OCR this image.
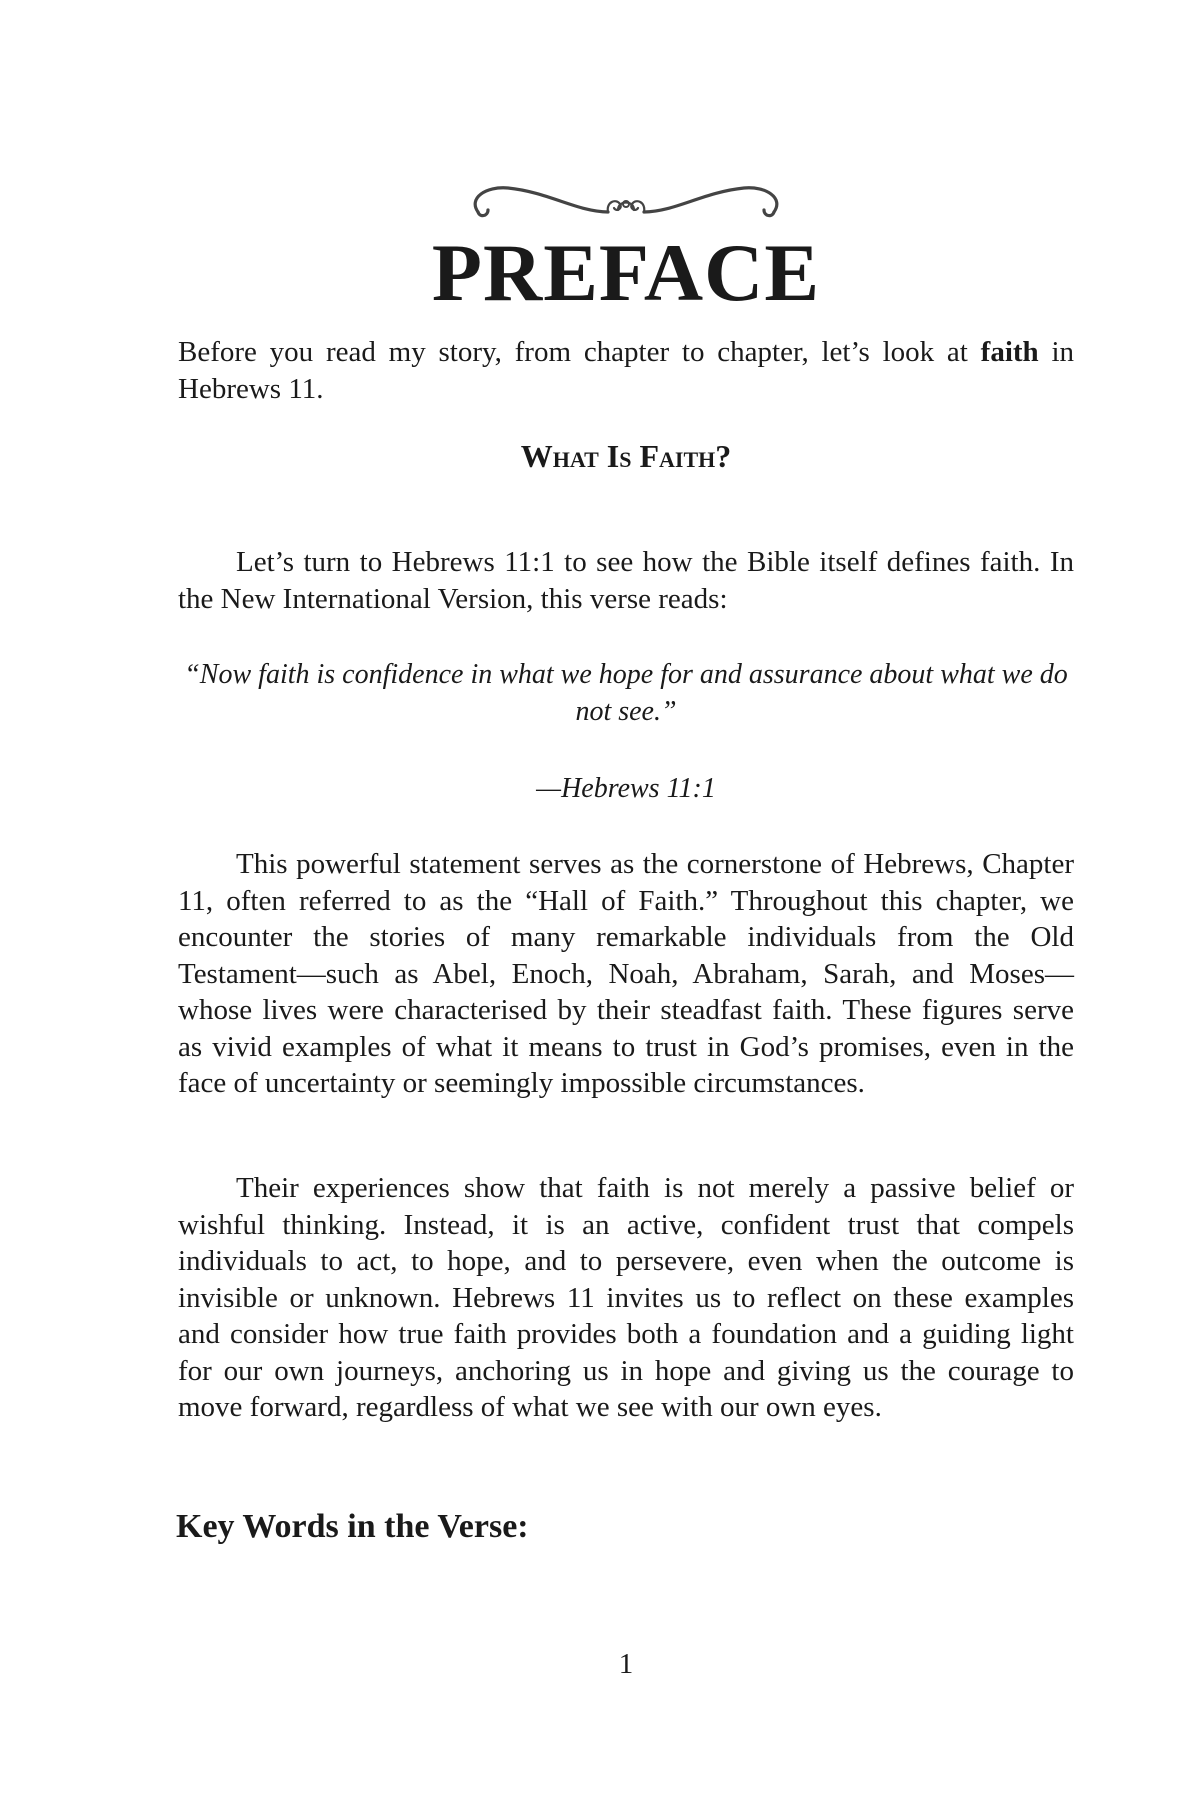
PREFACE

Before you read my story, from chapter to chapter, let’s look at faith in Hebrews 11.

What Is Faith?

Let’s turn to Hebrews 11:1 to see how the Bible itself defines faith. In the New International Version, this verse reads:

“Now faith is confidence in what we hope for and assurance about what we do not see.”

—Hebrews 11:1

This powerful statement serves as the cornerstone of Hebrews, Chapter 11, often referred to as the “Hall of Faith.” Throughout this chapter, we encounter the stories of many remarkable individuals from the Old Testament—such as Abel, Enoch, Noah, Abraham, Sarah, and Moses—whose lives were characterised by their steadfast faith. These figures serve as vivid examples of what it means to trust in God’s promises, even in the face of uncertainty or seemingly impossible circumstances.

Their experiences show that faith is not merely a passive belief or wishful thinking. Instead, it is an active, confident trust that compels individuals to act, to hope, and to persevere, even when the outcome is invisible or unknown. Hebrews 11 invites us to reflect on these examples and consider how true faith provides both a foundation and a guiding light for our own journeys, anchoring us in hope and giving us the courage to move forward, regardless of what we see with our own eyes.

Key Words in the Verse:

1
